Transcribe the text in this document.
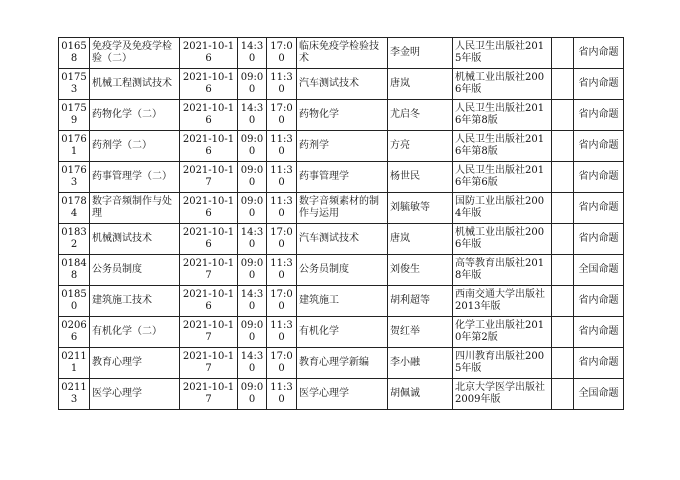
01658	免疫学及免疫学检验（二）	2021-10-16	14:30	17:00	临床免疫学检验技术	李金明	人民卫生出版社2015年版		省内命题
01753	机械工程测试技术	2021-10-16	09:00	11:30	汽车测试技术	唐岚	机械工业出版社2006年版		省内命题
01759	药物化学（二）	2021-10-16	14:30	17:00	药物化学	尤启冬	人民卫生出版社2016年第8版		省内命题
01761	药剂学（二）	2021-10-16	09:00	11:30	药剂学	方亮	人民卫生出版社2016年第8版		省内命题
01763	药事管理学（二）	2021-10-17	09:00	11:30	药事管理学	杨世民	人民卫生出版社2016年第6版		省内命题
01784	数字音频制作与处理	2021-10-16	09:00	11:30	数字音频素材的制作与运用	刘毓敏等	国防工业出版社2004年版		省内命题
01832	机械测试技术	2021-10-16	14:30	17:00	汽车测试技术	唐岚	机械工业出版社2006年版		省内命题
01848	公务员制度	2021-10-17	09:00	11:30	公务员制度	刘俊生	高等教育出版社2018年版		全国命题
01850	建筑施工技术	2021-10-16	14:30	17:00	建筑施工	胡利超等	西南交通大学出版社2013年版		省内命题
02066	有机化学（二）	2021-10-17	09:00	11:30	有机化学	贺红举	化学工业出版社2010年第2版		省内命题
02111	教育心理学	2021-10-17	14:30	17:00	教育心理学新编	李小融	四川教育出版社2005年版		省内命题
02113	医学心理学	2021-10-17	09:00	11:30	医学心理学	胡佩诚	北京大学医学出版社2009年版		全国命题
